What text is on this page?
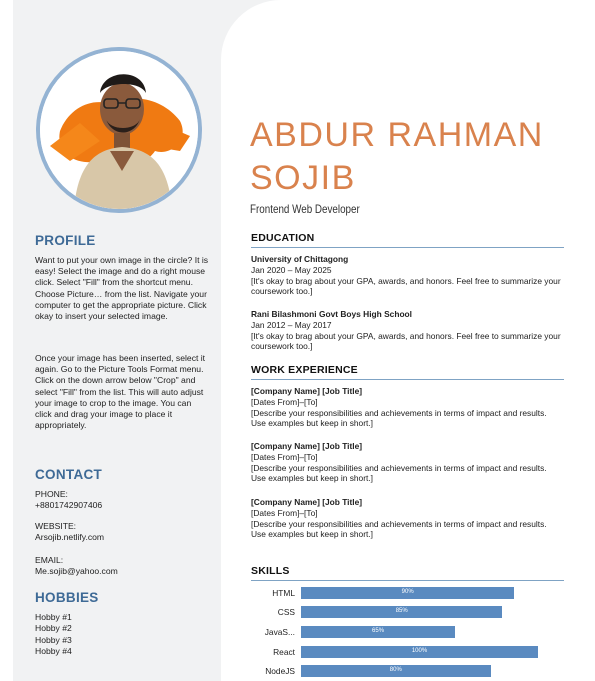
PROFILE
Want to put your own image in the circle? It is easy! Select the image and do a right mouse click. Select "Fill" from the shortcut menu. Choose Picture… from the list. Navigate your computer to get the appropriate picture. Click okay to insert your selected image.
Once your image has been inserted, select it again. Go to the Picture Tools Format menu. Click on the down arrow below "Crop" and select "Fill" from the list. This will auto adjust your image to crop to the image. You can click and drag your image to place it appropriately.
CONTACT
PHONE:
+8801742907406
WEBSITE:
Arsojib.netlify.com
EMAIL:
Me.sojib@yahoo.com
HOBBIES
Hobby #1
Hobby #2
Hobby #3
Hobby #4
ABDUR RAHMAN
SOJIB
Frontend Web Developer
EDUCATION
University of Chittagong
Jan 2020 – May 2025
[It's okay to brag about your GPA, awards, and honors. Feel free to summarize your coursework too.]
Rani Bilashmoni Govt Boys High School
Jan 2012 – May 2017
[It's okay to brag about your GPA, awards, and honors. Feel free to summarize your coursework too.]
WORK EXPERIENCE
[Company Name] [Job Title]
[Dates From]–[To]
[Describe your responsibilities and achievements in terms of impact and results. Use examples but keep in short.]
[Company Name] [Job Title]
[Dates From]–[To]
[Describe your responsibilities and achievements in terms of impact and results. Use examples but keep in short.]
[Company Name] [Job Title]
[Dates From]–[To]
[Describe your responsibilities and achievements in terms of impact and results. Use examples but keep in short.]
SKILLS
HTML	90%
CSS	85%
JavaS...	65%
React	100%
NodeJS	80%
